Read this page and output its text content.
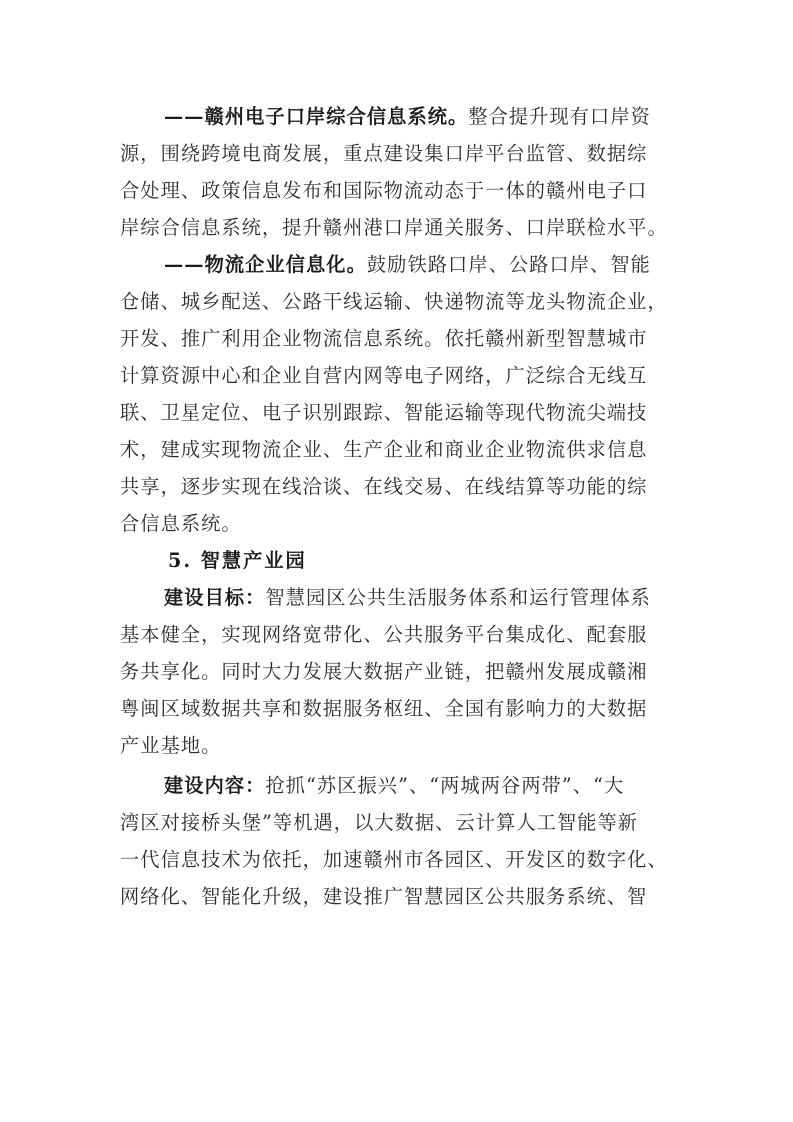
——赣州电子口岸综合信息系统。整合提升现有口岸资
源，围绕跨境电商发展，重点建设集口岸平台监管、数据综
合处理、政策信息发布和国际物流动态于一体的赣州电子口
岸综合信息系统，提升赣州港口岸通关服务、口岸联检水平。
——物流企业信息化。鼓励铁路口岸、公路口岸、智能
仓储、城乡配送、公路干线运输、快递物流等龙头物流企业，
开发、推广利用企业物流信息系统。依托赣州新型智慧城市
计算资源中心和企业自营内网等电子网络，广泛综合无线互
联、卫星定位、电子识别跟踪、智能运输等现代物流尖端技
术，建成实现物流企业、生产企业和商业企业物流供求信息
共享，逐步实现在线洽谈、在线交易、在线结算等功能的综
合信息系统。
5. 智慧产业园
建设目标：智慧园区公共生活服务体系和运行管理体系
基本健全，实现网络宽带化、公共服务平台集成化、配套服
务共享化。同时大力发展大数据产业链，把赣州发展成赣湘
粤闽区域数据共享和数据服务枢纽、全国有影响力的大数据
产业基地。
建设内容：抢抓“苏区振兴”、“两城两谷两带”、“大
湾区对接桥头堡”等机遇，以大数据、云计算人工智能等新
一代信息技术为依托，加速赣州市各园区、开发区的数字化、
网络化、智能化升级，建设推广智慧园区公共服务系统、智
